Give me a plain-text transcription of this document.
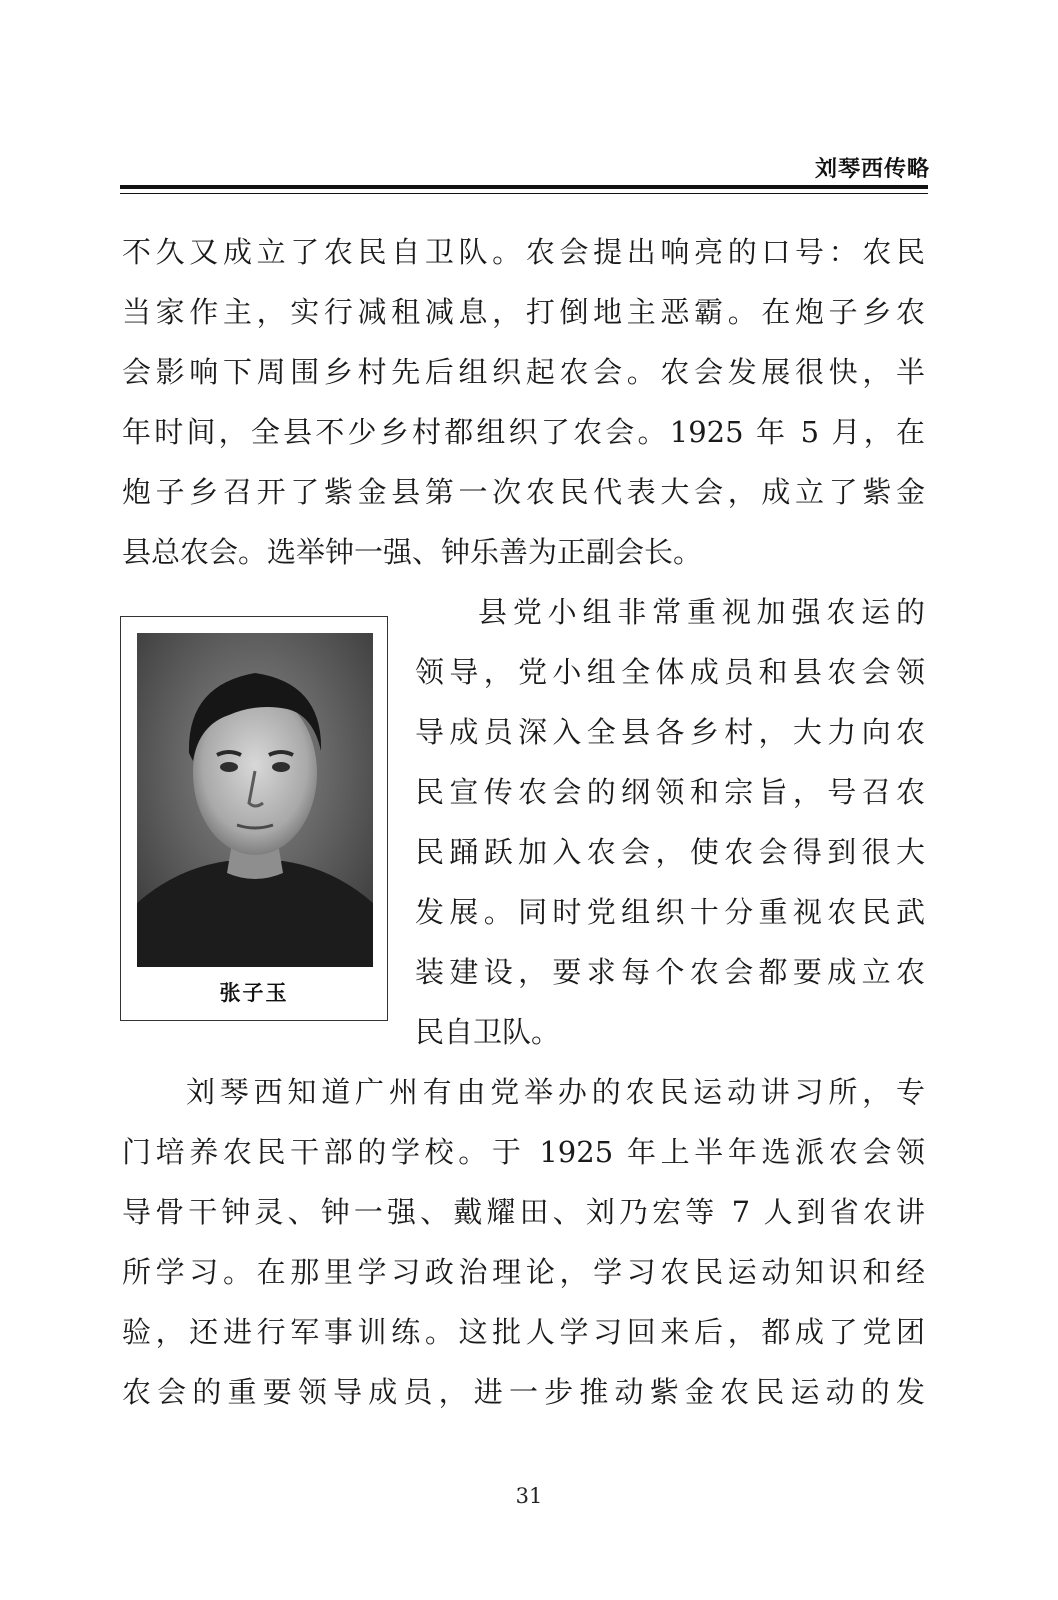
刘琴西传略
不久又成立了农民自卫队。农会提出响亮的口号：农民
当家作主，实行减租减息，打倒地主恶霸。在炮子乡农
会影响下周围乡村先后组织起农会。农会发展很快，半
年时间，全县不少乡村都组织了农会。1925 年 5 月，在
炮子乡召开了紫金县第一次农民代表大会，成立了紫金
县总农会。选举钟一强、钟乐善为正副会长。
张子玉
县党小组非常重视加强农运的
领导，党小组全体成员和县农会领
导成员深入全县各乡村，大力向农
民宣传农会的纲领和宗旨，号召农
民踊跃加入农会，使农会得到很大
发展。同时党组织十分重视农民武
装建设，要求每个农会都要成立农
民自卫队。
刘琴西知道广州有由党举办的农民运动讲习所，专
门培养农民干部的学校。于 1925 年上半年选派农会领
导骨干钟灵、钟一强、戴耀田、刘乃宏等 7 人到省农讲
所学习。在那里学习政治理论，学习农民运动知识和经
验，还进行军事训练。这批人学习回来后，都成了党团
农会的重要领导成员，进一步推动紫金农民运动的发
31
